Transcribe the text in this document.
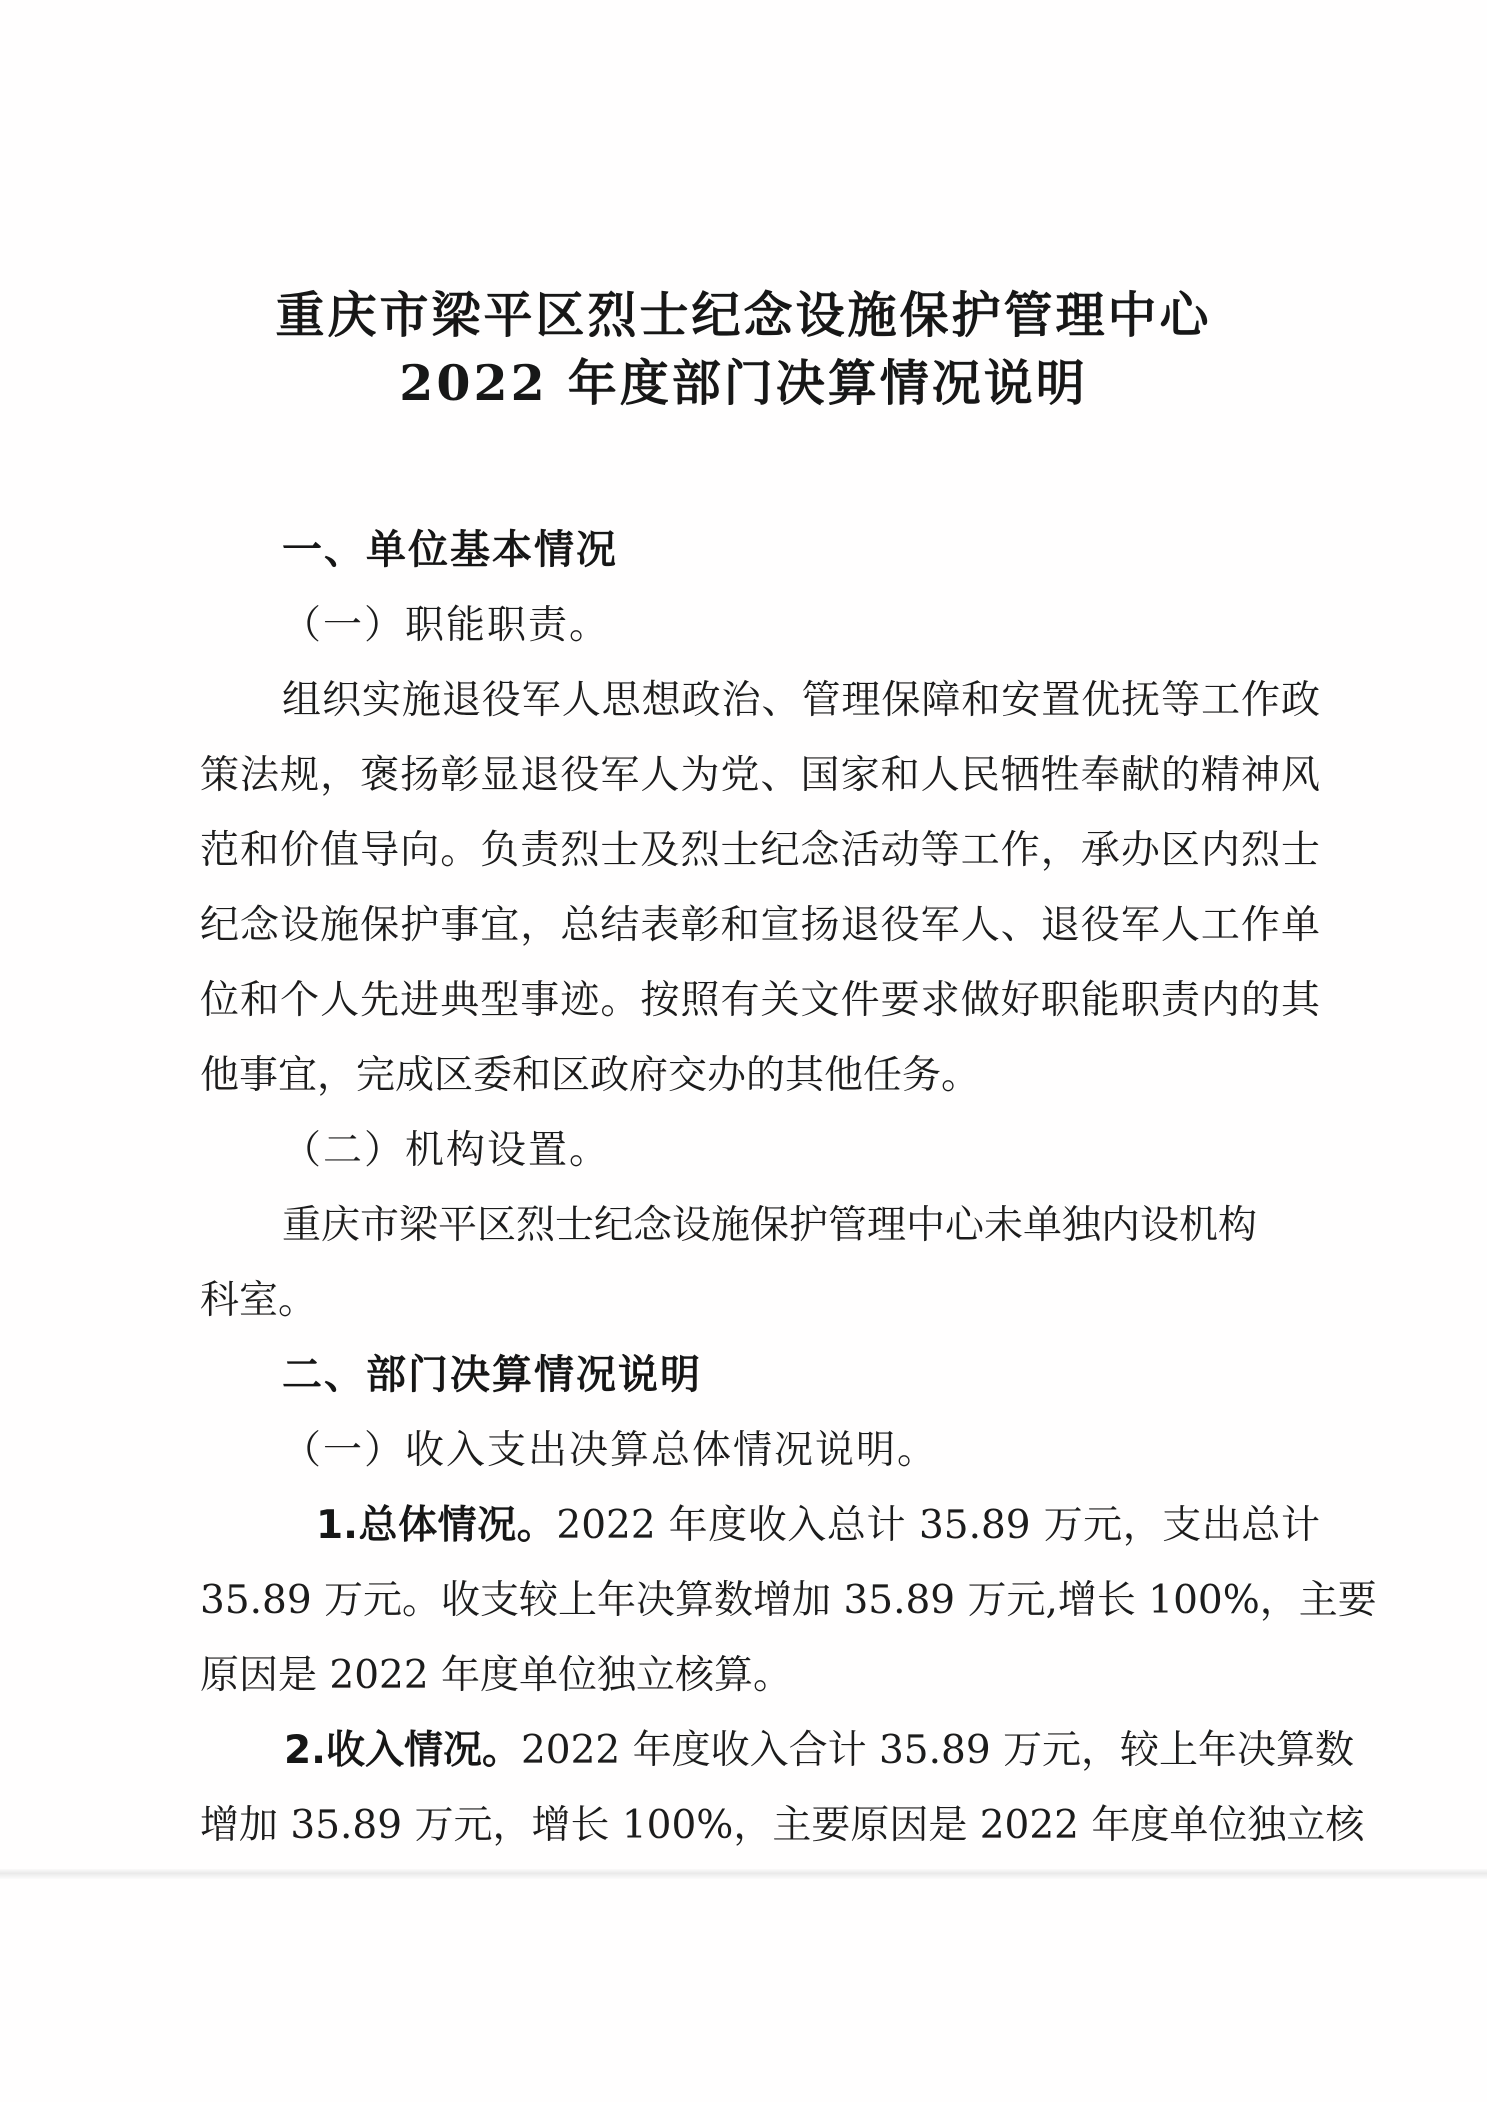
重庆市梁平区烈士纪念设施保护管理中心
2022 年度部门决算情况说明
一、单位基本情况
（一）职能职责。
组织实施退役军人思想政治、管理保障和安置优抚等工作政
策法规，褒扬彰显退役军人为党、国家和人民牺牲奉献的精神风
范和价值导向。负责烈士及烈士纪念活动等工作，承办区内烈士
纪念设施保护事宜，总结表彰和宣扬退役军人、退役军人工作单
位和个人先进典型事迹。按照有关文件要求做好职能职责内的其
他事宜，完成区委和区政府交办的其他任务。
（二）机构设置。
重庆市梁平区烈士纪念设施保护管理中心未单独内设机构
科室。
二、部门决算情况说明
（一）收入支出决算总体情况说明。
1.总体情况。2022 年度收入总计 35.89 万元，支出总计
35.89 万元。收支较上年决算数增加 35.89 万元,增长 100%，主要
原因是 2022 年度单位独立核算。
2.收入情况。2022 年度收入合计 35.89 万元，较上年决算数
增加 35.89 万元，增长 100%，主要原因是 2022 年度单位独立核
